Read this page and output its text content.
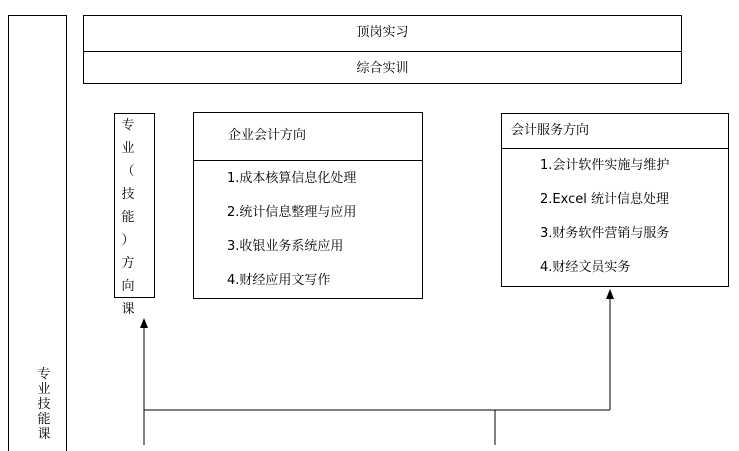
专
业
技
能
课
顶岗实习
综合实训
专
业
（
技
能
）
方
向
课
企业会计方向
1.成本核算信息化处理
2.统计信息整理与应用
3.收银业务系统应用
4.财经应用文写作
会计服务方向
1.会计软件实施与维护
2.Excel 统计信息处理
3.财务软件营销与服务
4.财经文员实务
